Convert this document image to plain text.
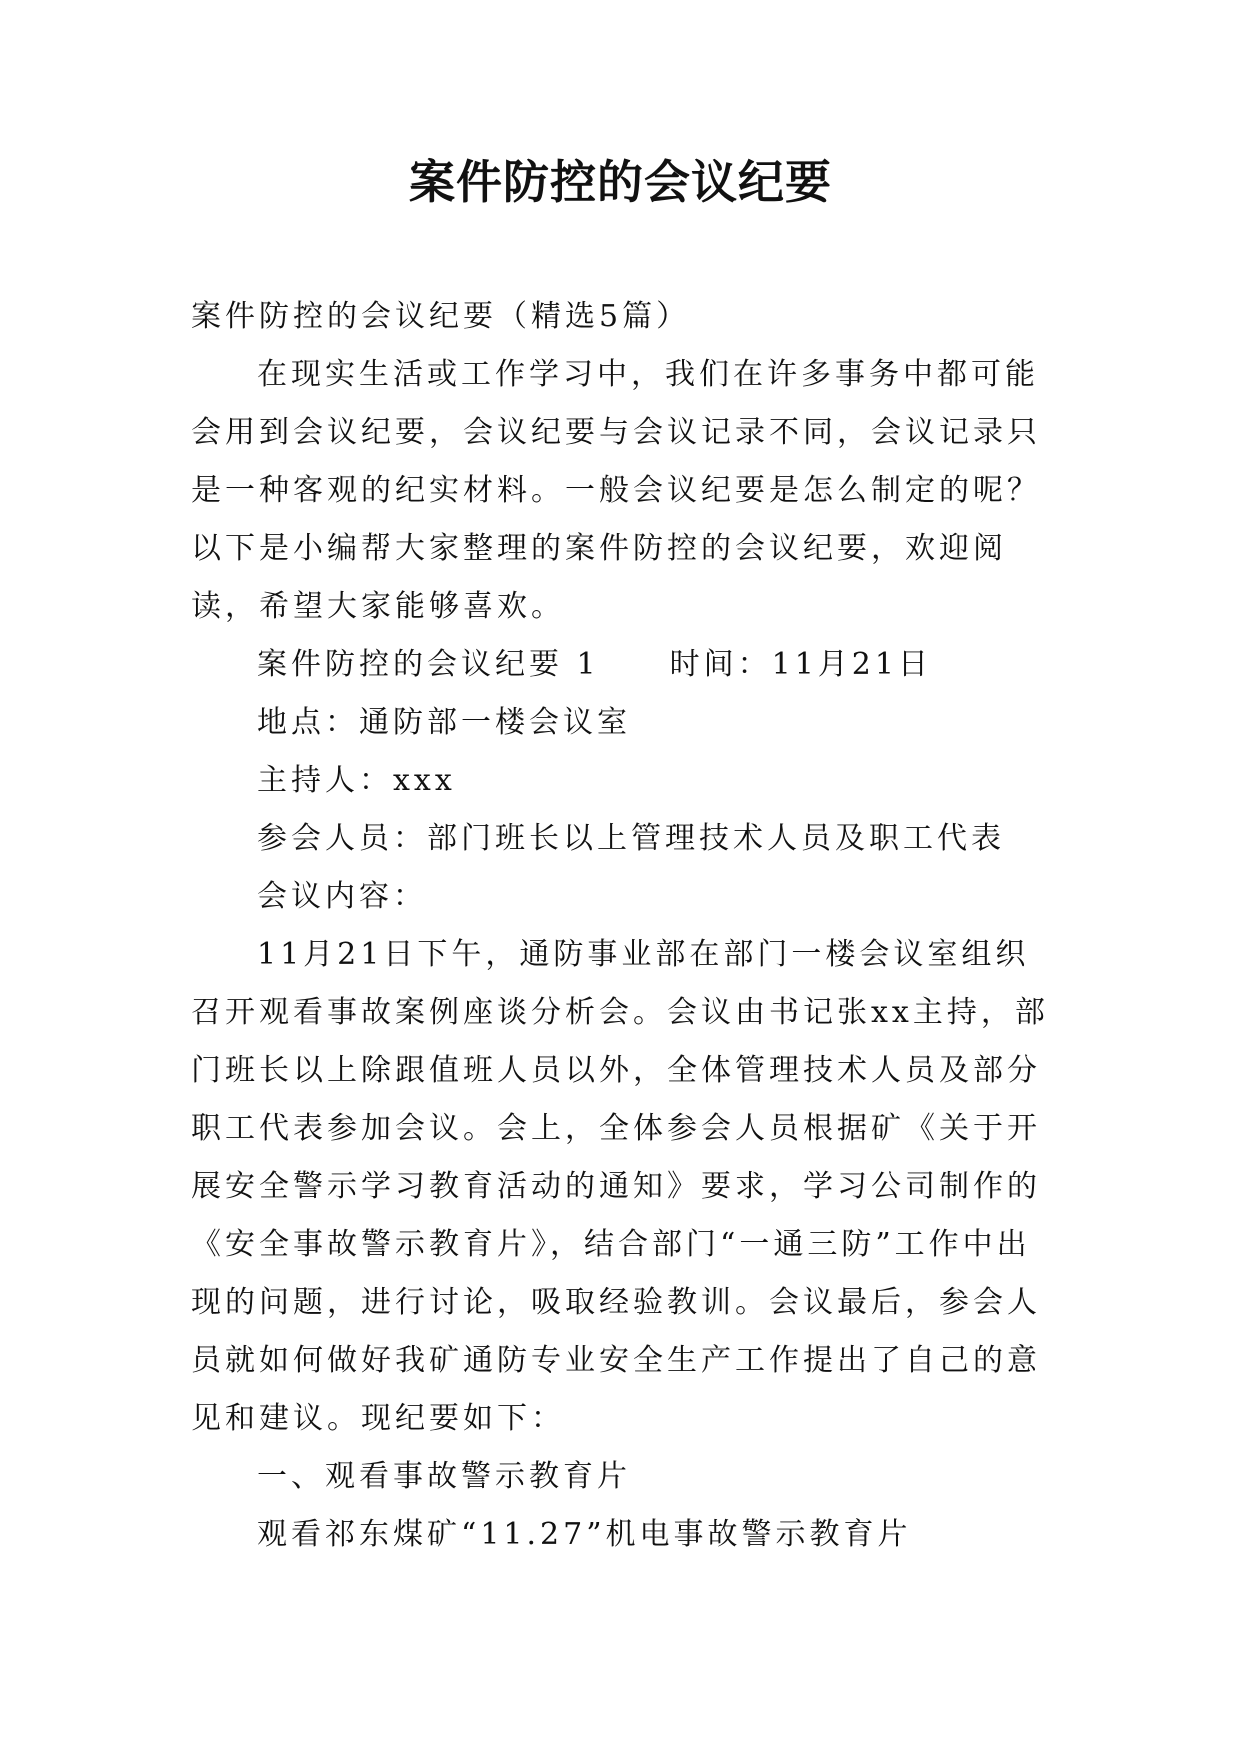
案件防控的会议纪要

案件防控的会议纪要（精选5篇）

在现实生活或工作学习中，我们在许多事务中都可能会用到会议纪要，会议纪要与会议记录不同，会议记录只是一种客观的纪实材料。一般会议纪要是怎么制定的呢？以下是小编帮大家整理的案件防控的会议纪要，欢迎阅读，希望大家能够喜欢。

案件防控的会议纪要 1 时间：11月21日

地点：通防部一楼会议室

主持人：xxx

参会人员：部门班长以上管理技术人员及职工代表

会议内容：

11月21日下午，通防事业部在部门一楼会议室组织召开观看事故案例座谈分析会。会议由书记张xx主持，部门班长以上除跟值班人员以外，全体管理技术人员及部分职工代表参加会议。会上，全体参会人员根据矿《关于开展安全警示学习教育活动的通知》要求，学习公司制作的《安全事故警示教育片》，结合部门“一通三防”工作中出现的问题，进行讨论，吸取经验教训。会议最后，参会人员就如何做好我矿通防专业安全生产工作提出了自己的意见和建议。现纪要如下：

一、观看事故警示教育片

观看祁东煤矿“11.27”机电事故警示教育片
